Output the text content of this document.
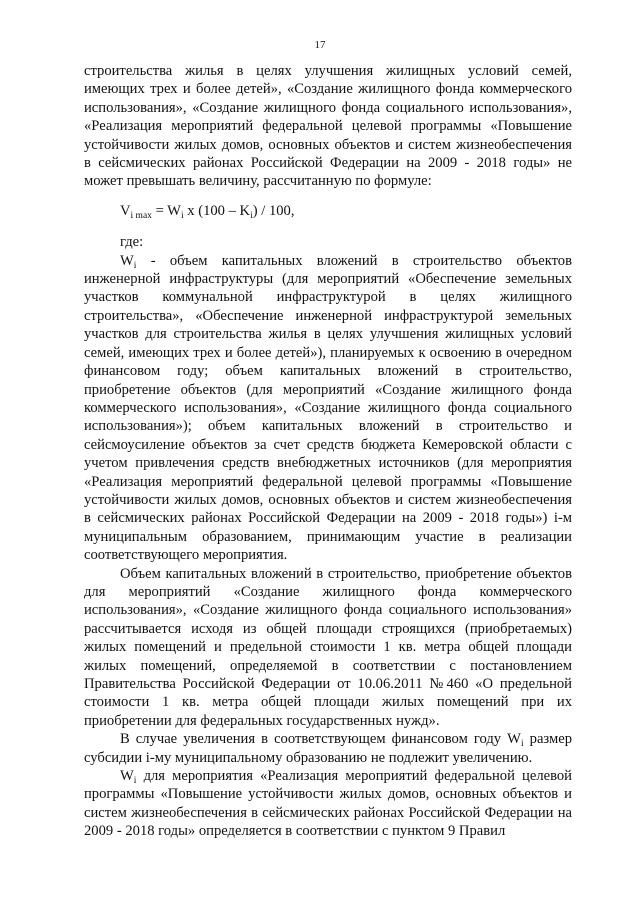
17

строительства жилья в целях улучшения жилищных условий семей, имеющих трех и более детей», «Создание жилищного фонда коммерческого использования», «Создание жилищного фонда социального использования», «Реализация мероприятий федеральной целевой программы «Повышение устойчивости жилых домов, основных объектов и систем жизнеобеспечения в сейсмических районах Российской Федерации на 2009 - 2018 годы» не может превышать величину, рассчитанную по формуле:

$V_{i max} = W_i$ x $(100 - K_i) / 100$,

где:

$W_i$ - объем капитальных вложений в строительство объектов инженерной инфраструктуры (для мероприятий «Обеспечение земельных участков коммунальной инфраструктурой в целях жилищного строительства», «Обеспечение инженерной инфраструктурой земельных участков для строительства жилья в целях улучшения жилищных условий семей, имеющих трех и более детей»), планируемых к освоению в очередном финансовом году; объем капитальных вложений в строительство, приобретение объектов (для мероприятий «Создание жилищного фонда коммерческого использования», «Создание жилищного фонда социального использования»); объем капитальных вложений в строительство и сейсмоусиление объектов за счет средств бюджета Кемеровской области с учетом привлечения средств внебюджетных источников (для мероприятия «Реализация мероприятий федеральной целевой программы «Повышение устойчивости жилых домов, основных объектов и систем жизнеобеспечения в сейсмических районах Российской Федерации на 2009 - 2018 годы») i-м муниципальным образованием, принимающим участие в реализации соответствующего мероприятия.

Объем капитальных вложений в строительство, приобретение объектов для мероприятий «Создание жилищного фонда коммерческого использования», «Создание жилищного фонда социального использования» рассчитывается исходя из общей площади строящихся (приобретаемых) жилых помещений и предельной стоимости 1 кв. метра общей площади жилых помещений, определяемой в соответствии с постановлением Правительства Российской Федерации от 10.06.2011 №460 «О предельной стоимости 1 кв. метра общей площади жилых помещений при их приобретении для федеральных государственных нужд».

В случае увеличения в соответствующем финансовом году $W_i$ размер субсидии i-му муниципальному образованию не подлежит увеличению.

$W_i$ для мероприятия «Реализация мероприятий федеральной целевой программы «Повышение устойчивости жилых домов, основных объектов и систем жизнеобеспечения в сейсмических районах Российской Федерации на 2009 - 2018 годы» определяется в соответствии с пунктом 9 Правил
